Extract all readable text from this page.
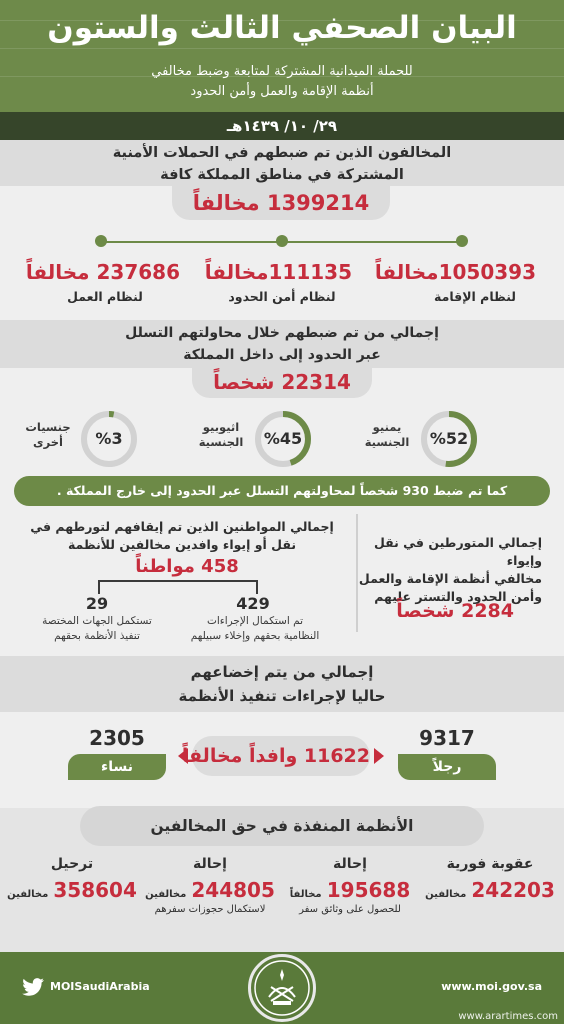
البيان الصحفي الثالث والستون
للحملة الميدانية المشتركة لمتابعة وضبط مخالفي
أنظمة الإقامة والعمل وأمن الحدود
٢٩/ ١٠/ ١٤٣٩هـ
المخالفون الذين تم ضبطهم في الحملات الأمنية
المشتركة في مناطق المملكة كافة
1399214 مخالفاً
1050393مخالفاً
لنظام الإقامة
111135مخالفاً
لنظام أمن الحدود
237686 مخالفاً
لنظام العمل
إجمالي من تم ضبطهم خلال محاولتهم التسلل
عبر الحدود إلى داخل المملكة
22314 شخصاً
%52
يمنيو
الجنسية
%45
اثيوبيو
الجنسية
%3
جنسيات
أخرى
كما تم ضبط 930 شخصاً لمحاولتهم التسلل عبر الحدود إلى خارج المملكة .
إجمالي المتورطين في نقل وإيواء
مخالفي أنظمة الإقامة والعمل
وأمن الحدود والتستر عليهم
2284 شخصاً
إجمالي المواطنين الذين تم إيقافهم لتورطهم في
نقل أو إيواء وافدين مخالفين للأنظمة
458 مواطناً
429
تم استكمال الإجراءات
النظامية بحقهم وإخلاء سبيلهم
29
تستكمل الجهات المختصة
تنفيذ الأنظمة بحقهم
إجمالي من يتم إخضاعهم
حاليا لإجراءات تنفيذ الأنظمة
9317
رجلاً
2305
نساء	11622 وافداً مخالفاً
الأنظمة المنفذة في حق المخالفين
عقوبة فورية
242203 مخالفين
إحالة
195688 مخالفاً
للحصول على وثائق سفر
إحالة
244805 مخالفين
لاستكمال حجوزات سفرهم
ترحيل
358604 مخالفين
MOISaudiArabia	www.moi.gov.sa
www.arartimes.com
